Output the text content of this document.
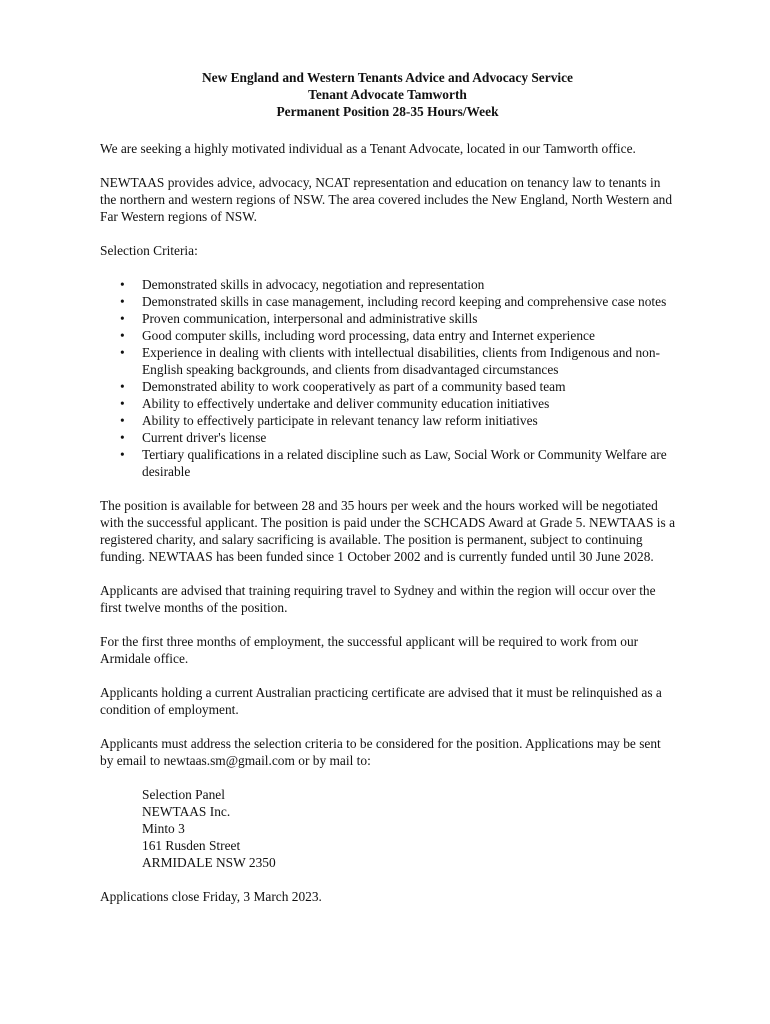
New England and Western Tenants Advice and Advocacy Service
Tenant Advocate Tamworth
Permanent Position 28-35 Hours/Week

We are seeking a highly motivated individual as a Tenant Advocate, located in our Tamworth office.

NEWTAAS provides advice, advocacy, NCAT representation and education on tenancy law to tenants in the northern and western regions of NSW. The area covered includes the New England, North Western and Far Western regions of NSW.

Selection Criteria:

• Demonstrated skills in advocacy, negotiation and representation
• Demonstrated skills in case management, including record keeping and comprehensive case notes
• Proven communication, interpersonal and administrative skills
• Good computer skills, including word processing, data entry and Internet experience
• Experience in dealing with clients with intellectual disabilities, clients from Indigenous and non-English speaking backgrounds, and clients from disadvantaged circumstances
• Demonstrated ability to work cooperatively as part of a community based team
• Ability to effectively undertake and deliver community education initiatives
• Ability to effectively participate in relevant tenancy law reform initiatives
• Current driver's license
• Tertiary qualifications in a related discipline such as Law, Social Work or Community Welfare are desirable

The position is available for between 28 and 35 hours per week and the hours worked will be negotiated with the successful applicant. The position is paid under the SCHCADS Award at Grade 5. NEWTAAS is a registered charity, and salary sacrificing is available. The position is permanent, subject to continuing funding. NEWTAAS has been funded since 1 October 2002 and is currently funded until 30 June 2028.

Applicants are advised that training requiring travel to Sydney and within the region will occur over the first twelve months of the position.

For the first three months of employment, the successful applicant will be required to work from our Armidale office.

Applicants holding a current Australian practicing certificate are advised that it must be relinquished as a condition of employment.

Applicants must address the selection criteria to be considered for the position. Applications may be sent by email to newtaas.sm@gmail.com or by mail to:

Selection Panel
NEWTAAS Inc.
Minto 3
161 Rusden Street
ARMIDALE NSW 2350

Applications close Friday, 3 March 2023.
